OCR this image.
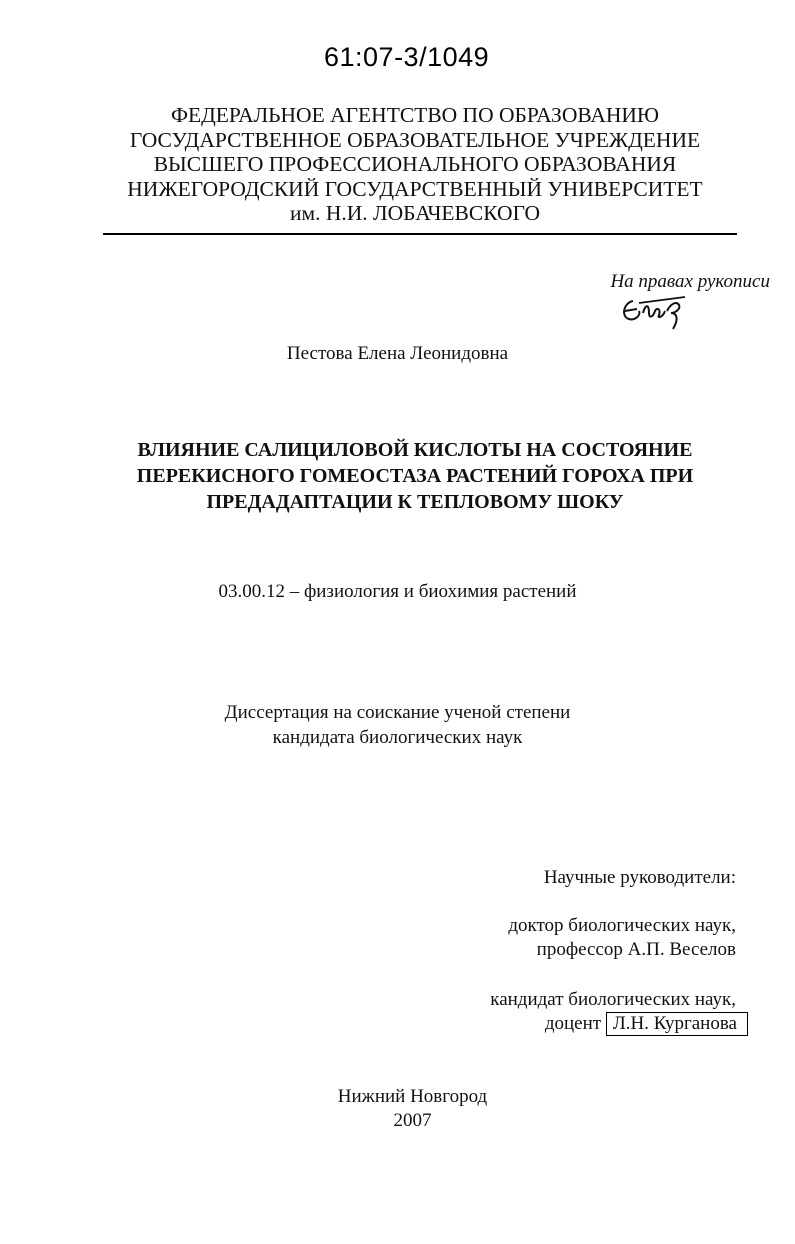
61:07-3/1049
ФЕДЕРАЛЬНОЕ АГЕНТСТВО ПО ОБРАЗОВАНИЮ
ГОСУДАРСТВЕННОЕ ОБРАЗОВАТЕЛЬНОЕ УЧРЕЖДЕНИЕ
ВЫСШЕГО ПРОФЕССИОНАЛЬНОГО ОБРАЗОВАНИЯ
НИЖЕГОРОДСКИЙ ГОСУДАРСТВЕННЫЙ УНИВЕРСИТЕТ
им. Н.И. ЛОБАЧЕВСКОГО
На правах рукописи
Пестова Елена Леонидовна
ВЛИЯНИЕ САЛИЦИЛОВОЙ КИСЛОТЫ НА СОСТОЯНИЕ
ПЕРЕКИСНОГО ГОМЕОСТАЗА РАСТЕНИЙ ГОРОХА ПРИ
ПРЕДАДАПТАЦИИ К ТЕПЛОВОМУ ШОКУ
03.00.12 – физиология и биохимия растений
Диссертация на соискание ученой степени
кандидата биологических наук
Научные руководители:
доктор биологических наук,
профессор А.П. Веселов
кандидат биологических наук,
доцент Л.Н. Курганова
Нижний Новгород
2007
